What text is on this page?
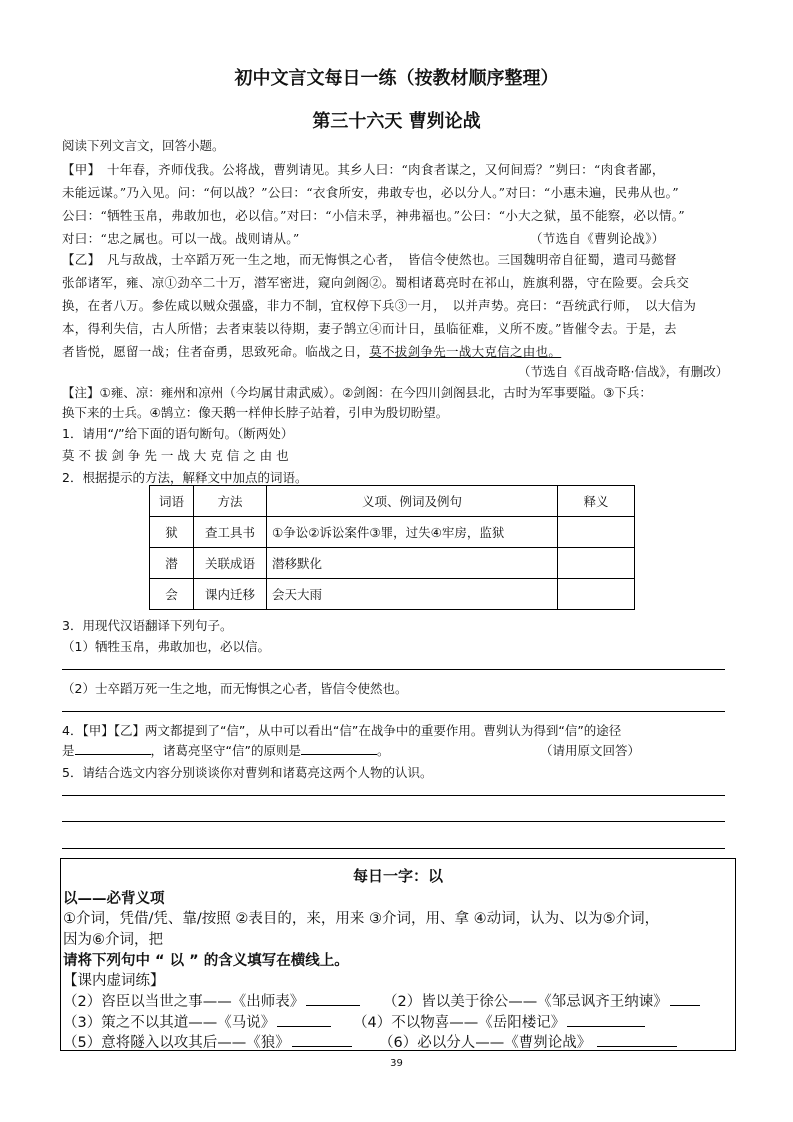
初中文言文每日一练（按教材顺序整理）
第三十六天 曹刿论战
阅读下列文言文，回答小题。
【甲】　十年春，齐师伐我。公将战，曹刿请见。其乡人曰：“肉食者谋之，又何间焉？”刿曰：“肉食者鄙，
未能远谋。”乃入见。问：“何以战？”公曰：“衣食所安，弗敢专也，必以分人。”对曰：“小惠未遍，民弗从也。”
公曰：“牺牲玉帛，弗敢加也，必以信。”对曰：“小信未孚，神弗福也。”公曰：“小大之狱，虽不能察，必以情。”
对曰：“忠之属也。可以一战。战则请从。”	（节选自《曹刿论战》）
【乙】　凡与敌战，士卒蹈万死一生之地，而无悔惧之心者，　皆信令使然也。三国魏明帝自征蜀，遣司马懿督
张郃诸军，雍、凉①劲卒二十万，潜军密进，窥向剑阁②。蜀相诸葛亮时在祁山，旌旗利器，守在险要。会兵交
换，在者八万。参佐咸以贼众强盛，非力不制，宜权停下兵③一月，　以并声势。亮曰：“吾统武行师，　以大信为
本，得利失信，古人所惜；去者束装以待期，妻子鹄立④而计日，虽临征难，义所不废。”皆催令去。于是，去
者皆悦，愿留一战；住者奋勇，思致死命。临战之日，莫不拔剑争先一战大克信之由也。
（节选自《百战奇略·信战》，有删改）
【注】①雍、凉：雍州和凉州（今均属甘肃武威）。②剑阁：在今四川剑阁县北，古时为军事要隘。③下兵：
换下来的士兵。④鹄立：像天鹅一样伸长脖子站着，引申为殷切盼望。
1．请用“/”给下面的语句断句。（断两处）
莫 不 拔 剑 争 先 一 战 大 克 信 之 由 也
2．根据提示的方法，解释文中加点的词语。
词语	方法	义项、例词及例句	释义
狱	查工具书	①争讼②诉讼案件③罪，过失④牢房，监狱	
潜	关联成语	潜移默化	
会	课内迁移	会天大雨	
3．用现代汉语翻译下列句子。
（1）牺牲玉帛，弗敢加也，必以信。
（2）士卒蹈万死一生之地，而无悔惧之心者，皆信令使然也。
4．【甲】【乙】两文都提到了“信”，从中可以看出“信”在战争中的重要作用。曹刿认为得到“信”的途径
是	，诸葛亮坚守“信”的原则是	。	（请用原文回答）
5．请结合选文内容分别谈谈你对曹刿和诸葛亮这两个人物的认识。
每日一字：以
以——必背义项
①介词，凭借/凭、靠/按照 ②表目的，来，用来 ③介词，用、拿 ④动词，认为、以为⑤介词，
因为⑥介词，把
请将下列句中 “ 以 ” 的含义填写在横线上。
【课内虚词练】
（2）咨臣以当世之事——《出师表》	（2）皆以美于徐公——《邹忌讽齐王纳谏》
（3）策之不以其道——《马说》	（4）不以物喜——《岳阳楼记》
（5）意将隧入以攻其后——《狼》	（6）必以分人——《曹刿论战》
39
